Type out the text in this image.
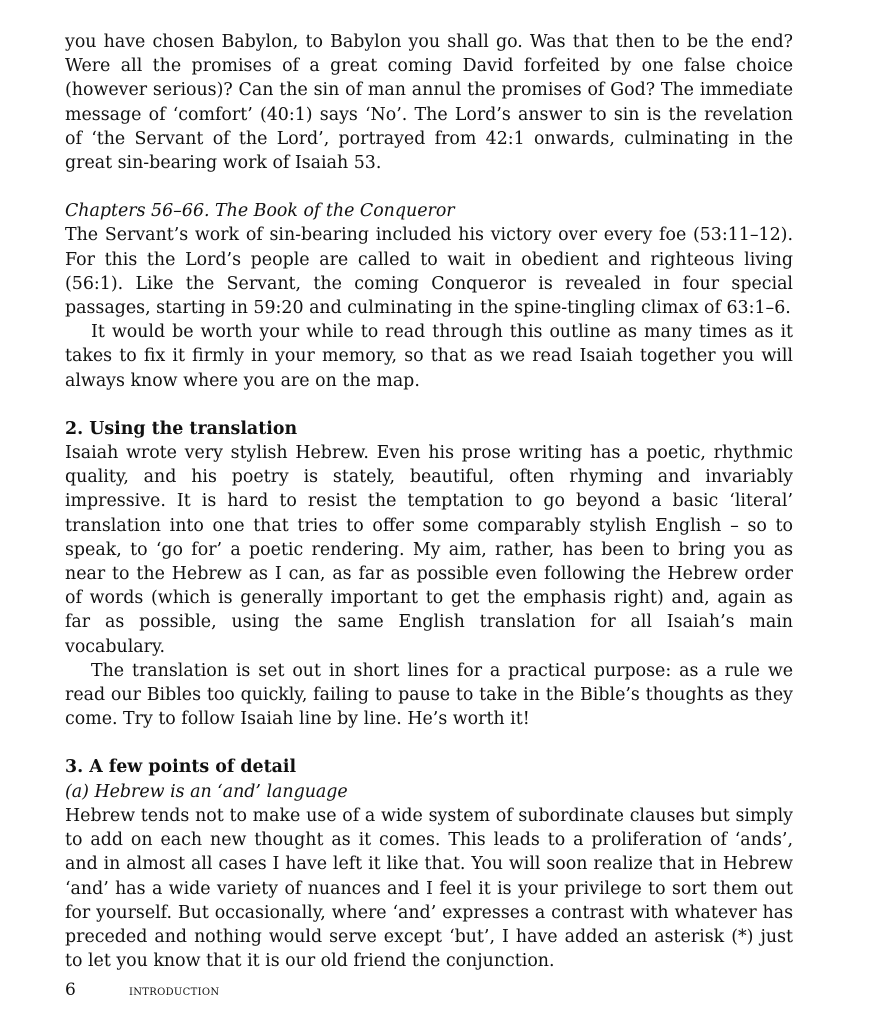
you have chosen Babylon, to Babylon you shall go. Was that then to be the end? Were all the promises of a great coming David forfeited by one false choice (however serious)? Can the sin of man annul the promises of God? The immediate message of ‘comfort’ (40:1) says ‘No’. The Lord’s answer to sin is the revelation of ‘the Servant of the Lord’, portrayed from 42:1 onwards, culminating in the great sin-bearing work of Isaiah 53.

Chapters 56–66. The Book of the Conqueror

The Servant’s work of sin-bearing included his victory over every foe (53:11–12). For this the Lord’s people are called to wait in obedient and righteous living (56:1). Like the Servant, the coming Conqueror is revealed in four special passages, starting in 59:20 and culminating in the spine-tingling climax of 63:1–6.

It would be worth your while to read through this outline as many times as it takes to fix it firmly in your memory, so that as we read Isaiah together you will always know where you are on the map.

2. Using the translation

Isaiah wrote very stylish Hebrew. Even his prose writing has a poetic, rhythmic quality, and his poetry is stately, beautiful, often rhyming and invariably impressive. It is hard to resist the temptation to go beyond a basic ‘literal’ translation into one that tries to offer some comparably stylish English – so to speak, to ‘go for’ a poetic rendering. My aim, rather, has been to bring you as near to the Hebrew as I can, as far as possible even following the Hebrew order of words (which is generally important to get the emphasis right) and, again as far as possible, using the same English translation for all Isaiah’s main vocabulary.

The translation is set out in short lines for a practical purpose: as a rule we read our Bibles too quickly, failing to pause to take in the Bible’s thoughts as they come. Try to follow Isaiah line by line. He’s worth it!

3. A few points of detail

(a) Hebrew is an ‘and’ language

Hebrew tends not to make use of a wide system of subordinate clauses but simply to add on each new thought as it comes. This leads to a proliferation of ‘ands’, and in almost all cases I have left it like that. You will soon realize that in Hebrew ‘and’ has a wide variety of nuances and I feel it is your privilege to sort them out for yourself. But occasionally, where ‘and’ expresses a contrast with whatever has preceded and nothing would serve except ‘but’, I have added an asterisk (*) just to let you know that it is our old friend the conjunction.

6	introduction
